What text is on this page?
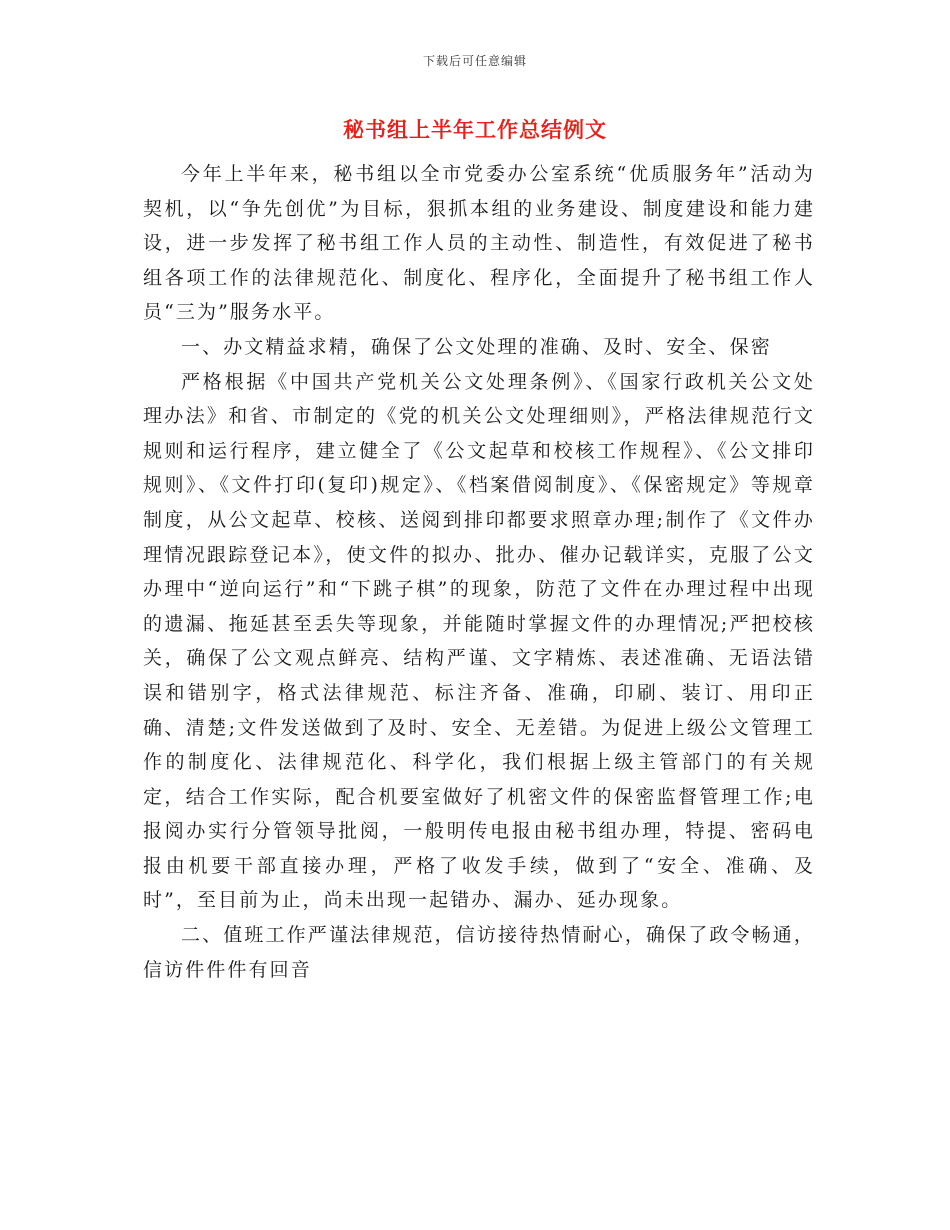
下载后可任意编辑
秘书组上半年工作总结例文

今年上半年来，秘书组以全市党委办公室系统“优质服务年”活动为契机，以“争先创优”为目标，狠抓本组的业务建设、制度建设和能力建设，进一步发挥了秘书组工作人员的主动性、制造性，有效促进了秘书组各项工作的法律规范化、制度化、程序化，全面提升了秘书组工作人员“三为”服务水平。

一、办文精益求精，确保了公文处理的准确、及时、安全、保密

严格根据《中国共产党机关公文处理条例》、《国家行政机关公文处理办法》和省、市制定的《党的机关公文处理细则》，严格法律规范行文规则和运行程序，建立健全了《公文起草和校核工作规程》、《公文排印规则》、《文件打印(复印)规定》、《档案借阅制度》、《保密规定》等规章制度，从公文起草、校核、送阅到排印都要求照章办理;制作了《文件办理情况跟踪登记本》，使文件的拟办、批办、催办记载详实，克服了公文办理中“逆向运行”和“下跳子棋”的现象，防范了文件在办理过程中出现的遗漏、拖延甚至丢失等现象，并能随时掌握文件的办理情况;严把校核关，确保了公文观点鲜亮、结构严谨、文字精炼、表述准确、无语法错误和错别字，格式法律规范、标注齐备、准确，印刷、装订、用印正确、清楚;文件发送做到了及时、安全、无差错。为促进上级公文管理工作的制度化、法律规范化、科学化，我们根据上级主管部门的有关规定，结合工作实际，配合机要室做好了机密文件的保密监督管理工作;电报阅办实行分管领导批阅，一般明传电报由秘书组办理，特提、密码电报由机要干部直接办理，严格了收发手续，做到了“安全、准确、及时”，至目前为止，尚未出现一起错办、漏办、延办现象。

二、值班工作严谨法律规范，信访接待热情耐心，确保了政令畅通，信访件件件有回音
